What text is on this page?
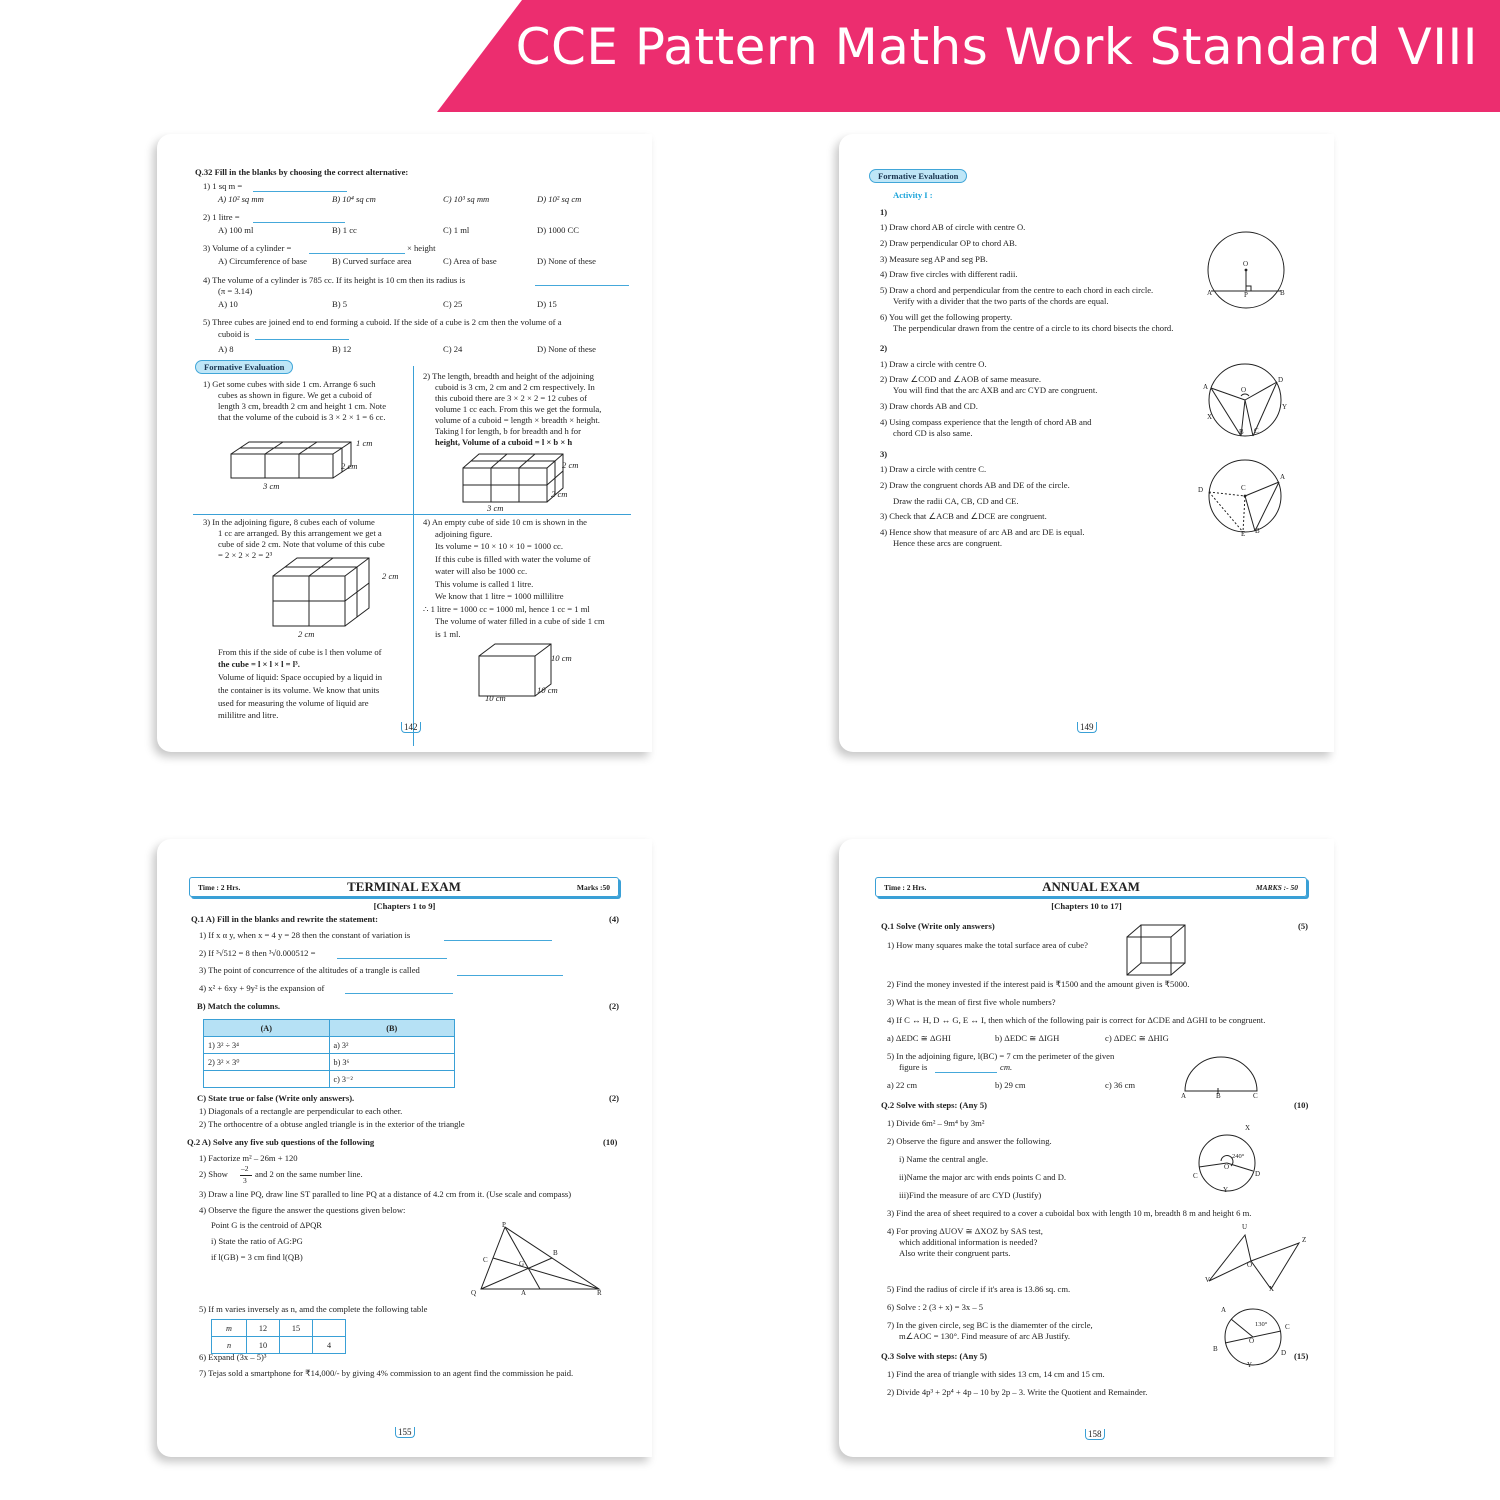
CCE Pattern Maths Work Standard VIII
Q.32 Fill in the blanks by choosing the correct alternative:
1) 1 sq m =
A) 10² sq mm	B) 10⁴ sq cm	C) 10³ sq mm	D) 10² sq cm
2) 1 litre =
A) 100 ml	B) 1 cc	C) 1 ml	D) 1000 CC
3) Volume of a cylinder =	× height
A) Circumference of base	B) Curved surface area	C) Area of base	D) None of these
4) The volume of a cylinder is 785 cc. If its height is 10 cm then its radius is
(π = 3.14)
A) 10	B) 5	C) 25	D) 15
5) Three cubes are joined end to end forming a cuboid. If the side of a cube is 2 cm then the volume of a
cuboid is
A) 8	B) 12	C) 24	D) None of these
Formative Evaluation
1) Get some cubes with side 1 cm. Arrange 6 such
cubes as shown in figure. We get a cuboid of
length 3 cm, breadth 2 cm and height 1 cm. Note
that the volume of the cuboid is 3 × 2 × 1 = 6 cc.
1 cm
2 cm
3 cm
2) The length, breadth and height of the adjoining
cuboid is 3 cm, 2 cm and 2 cm respectively. In
this cuboid there are 3 × 2 × 2 = 12 cubes of
volume 1 cc each. From this we get the formula,
volume of a cuboid = length × breadth × height.
Taking l for length, b for breadth and h for
height, Volume of a cuboid = l × b × h
2 cm
2 cm
3 cm
3) In the adjoining figure, 8 cubes each of volume
1 cc are arranged. By this arrangement we get a
cube of side 2 cm. Note that volume of this cube
= 2 × 2 × 2 = 2³
2 cm
2 cm
From this if the side of cube is l then volume of
the cube = l × l × l = l³.
Volume of liquid: Space occupied by a liquid in
the container is its volume. We know that units
used for measuring the volume of liquid are
mililitre and litre.
4) An empty cube of side 10 cm is shown in the
adjoining figure.
Its volume = 10 × 10 × 10 = 1000 cc.
If this cube is filled with water the volume of
water will also be 1000 cc.
This volume is called 1 litre.
We know that 1 litre = 1000 millilitre
∴ 1 litre = 1000 cc = 1000 ml, hence 1 cc = 1 ml
The volume of water filled in a cube of side 1 cm
is 1 ml.
10 cm
10 cm
10 cm
142
Formative Evaluation
Activity I :
1)
1) Draw chord AB of circle with centre O.
2) Draw perpendicular OP to chord AB.
3) Measure seg AP and seg PB.
4) Draw five circles with different radii.
5) Draw a chord and perpendicular from the centre to each chord in each circle.
Verify with a divider that the two parts of the chords are equal.
6) You will get the following property.
The perpendicular drawn from the centre of a circle to its chord bisects the chord.
O
A	P	B
2)
1) Draw a circle with centre O.
2) Draw ∠COD and ∠AOB of same measure.
You will find that the arc AXB and arc CYD are congruent.
3) Draw chords AB and CD.
4) Using compass experience that the length of chord AB and
chord CD is also same.
A	O
D
X
Y
B C
3)
1) Draw a circle with centre C.
2) Draw the congruent chords AB and DE of the circle.
Draw the radii CA, CB, CD and CE.
3) Check that ∠ACB and ∠DCE are congruent.
4) Hence show that measure of arc AB and arc DE is equal.
Hence these arcs are congruent.
D	C
A
E B
149
Time : 2 Hrs.	TERMINAL EXAM	Marks :50
[Chapters 1 to 9]
Q.1 A) Fill in the blanks and rewrite the statement:	(4)
1) If x α y, when x = 4 y = 28 then the constant of variation is
2) If ³√512 = 8 then ³√0.000512 =
3) The point of concurrence of the altitudes of a trangle is called
4) x² + 6xy + 9y² is the expansion of
B) Match the columns.	(2)
(A)	(B)
1) 3² ÷ 3⁴	a) 3²
2) 3² × 3⁰	b) 3⁶
	c) 3⁻²
C) State true or false (Write only answers).	(2)
1) Diagonals of a rectangle are perpendicular to each other.
2) The orthocentre of a obtuse angled triangle is in the exterior of the triangle
Q.2 A) Solve any five sub questions of the following	(10)
1) Factorize m² – 26m + 120
2) Show
–2
3
and 2 on the same number line.
3) Draw a line PQ, draw line ST paralled to line PQ at a distance of 4.2 cm from it. (Use scale and compass)
4) Observe the figure the answer the questions given below:
Point G is the centroid of ΔPQR
i) State the ratio of AG:PG
if l(GB) = 3 cm find l(QB)
P
B
C	G
Q	A	R
5) If m varies inversely as n, amd the complete the following table
m	12	15	
n	10		4
6) Expand (3x – 5)³
7) Tejas sold a smartphone for ₹14,000/- by giving 4% commission to an agent find the commission he paid.
155
Time : 2 Hrs.	ANNUAL EXAM	MARKS :- 50
[Chapters 10 to 17]
Q.1 Solve (Write only answers)	(5)
1) How many squares make the total surface area of cube?
2) Find the money invested if the interest paid is ₹1500 and the amount given is ₹5000.
3) What is the mean of first five whole numbers?
4) If C ↔ H, D ↔ G, E ↔ I, then which of the following pair is correct for ΔCDE and ΔGHI to be congruent.
a) ΔEDC ≅ ΔGHI	b) ΔEDC ≅ ΔIGH	c) ΔDEC ≅ ΔHIG
5) In the adjoining figure, l(BC) = 7 cm the perimeter of the given
figure is	cm.
a) 22 cm	b) 29 cm	c) 36 cm
A	B	C
Q.2 Solve with steps: (Any 5)	(10)
1) Divide 6m² – 9m⁴ by 3m²
2) Observe the figure and answer the following.
i) Name the central angle.
ii)Name the major arc with ends points C and D.
iii)Find the measure of arc CYD (Justify)
X
240°
C
O
D
Y
3) Find the area of sheet required to a cover a cuboidal box with length 10 m, breadth 8 m and height 6 m.
4) For proving ΔUOV ≅ ΔXOZ by SAS test,
which additional information is needed?
Also write their congruent parts.
U
Z
O
V
X
5) Find the radius of circle if it's area is 13.86 sq. cm.
6) Solve : 2 (3 + x) = 3x – 5
7) In the given circle, seg BC is the diamemter of the circle,
m∠AOC = 130°. Find measure of arc AB Justify.
A
130°	C
B
O
D
Y
Q.3 Solve with steps: (Any 5)	(15)
1) Find the area of triangle with sides 13 cm, 14 cm and 15 cm.
2) Divide 4p³ + 2p⁴ + 4p – 10 by 2p – 3. Write the Quotient and Remainder.
158
